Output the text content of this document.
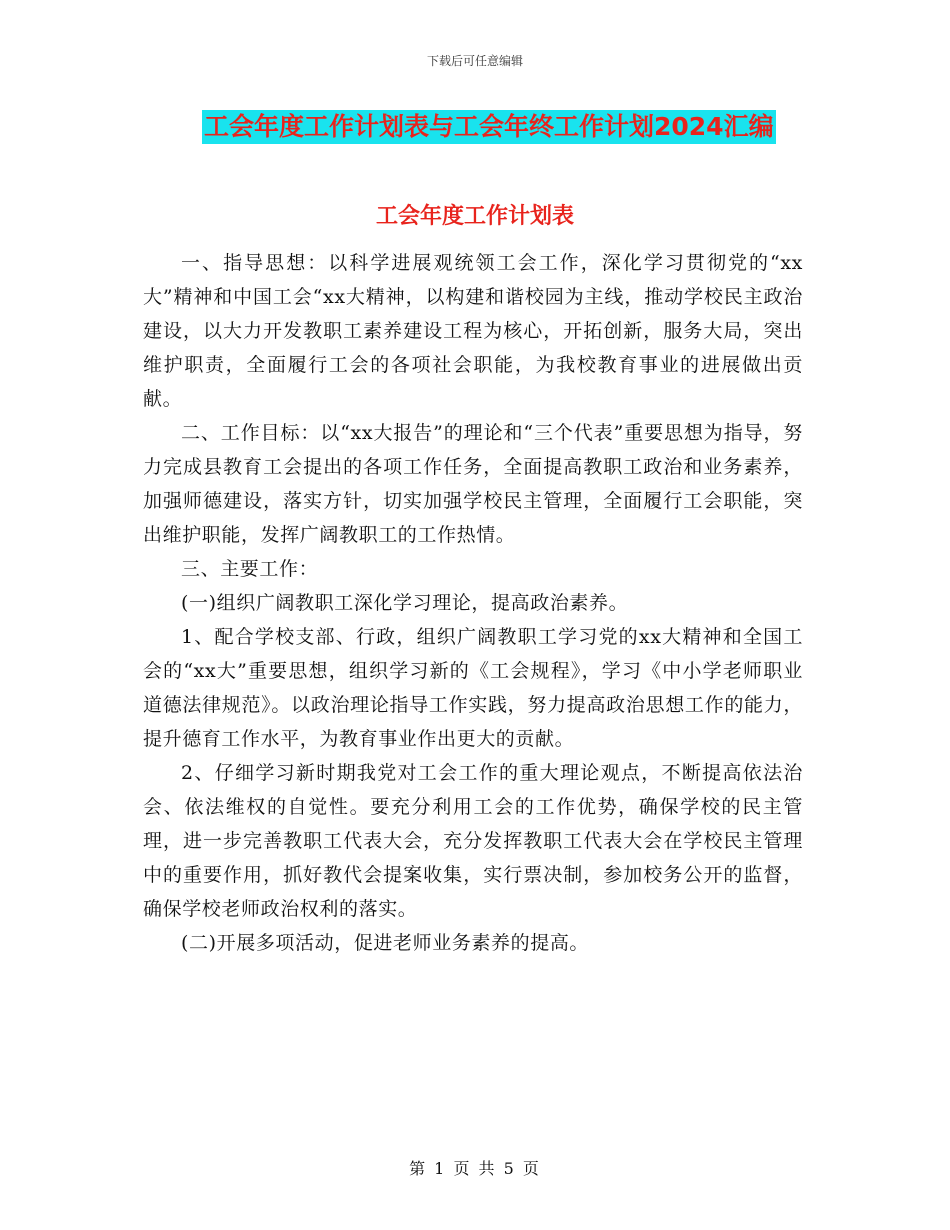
下载后可任意编辑
工会年度工作计划表与工会年终工作计划2024汇编
工会年度工作计划表

一、指导思想：以科学进展观统领工会工作，深化学习贯彻党的“xx大”精神和中国工会“xx大精神，以构建和谐校园为主线，推动学校民主政治建设，以大力开发教职工素养建设工程为核心，开拓创新，服务大局，突出维护职责，全面履行工会的各项社会职能，为我校教育事业的进展做出贡献。

二、工作目标：以“xx大报告”的理论和“三个代表”重要思想为指导，努力完成县教育工会提出的各项工作任务，全面提高教职工政治和业务素养，加强师德建设，落实方针，切实加强学校民主管理，全面履行工会职能，突出维护职能，发挥广阔教职工的工作热情。

三、主要工作：

(一)组织广阔教职工深化学习理论，提高政治素养。

1、配合学校支部、行政，组织广阔教职工学习党的xx大精神和全国工会的“xx大”重要思想，组织学习新的《工会规程》，学习《中小学老师职业道德法律规范》。以政治理论指导工作实践，努力提高政治思想工作的能力，提升德育工作水平，为教育事业作出更大的贡献。

2、仔细学习新时期我党对工会工作的重大理论观点，不断提高依法治会、依法维权的自觉性。要充分利用工会的工作优势，确保学校的民主管理，进一步完善教职工代表大会，充分发挥教职工代表大会在学校民主管理中的重要作用，抓好教代会提案收集，实行票决制，参加校务公开的监督，确保学校老师政治权利的落实。

(二)开展多项活动，促进老师业务素养的提高。

第 1 页 共 5 页
